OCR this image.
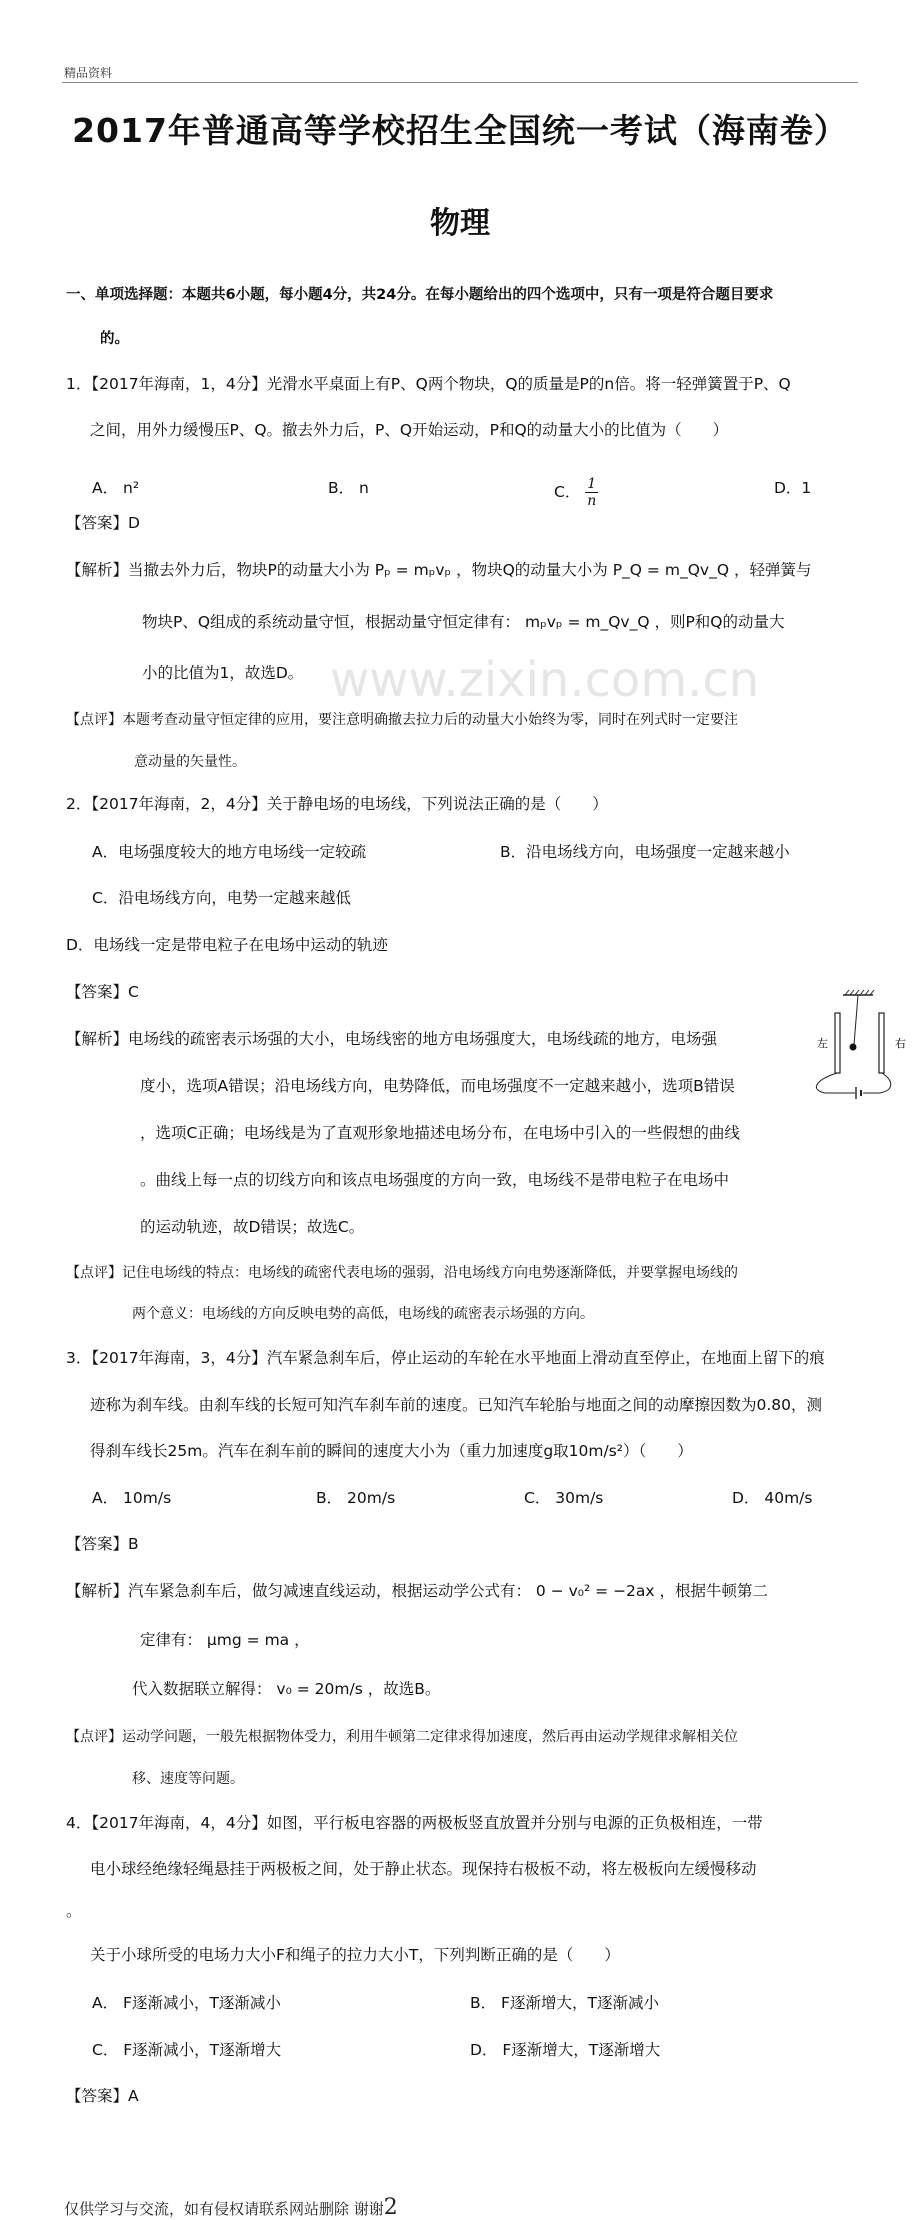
www.zixin.com.cn
精品资料
2017年普通高等学校招生全国统一考试（海南卷）
物理
一、单项选择题：本题共6小题，每小题4分，共24分。在每小题给出的四个选项中，只有一项是符合题目要求
的。
1．【2017年海南，1，4分】光滑水平桌面上有P、Q两个物块，Q的质量是P的n倍。将一轻弹簧置于P、Q
之间，用外力缓慢压P、Q。撤去外力后，P、Q开始运动，P和Q的动量大小的比值为（　　）
A． n²	B． n	C． $\frac{1}{n}$	D．1
【答案】D
【解析】当撤去外力后，物块P的动量大小为 Pₚ = mₚvₚ ，物块Q的动量大小为 P_Q = m_Qv_Q ，轻弹簧与
物块P、Q组成的系统动量守恒，根据动量守恒定律有： mₚvₚ = m_Qv_Q ，则P和Q的动量大
小的比值为1，故选D。
【点评】本题考查动量守恒定律的应用，要注意明确撤去拉力后的动量大小始终为零，同时在列式时一定要注
意动量的矢量性。
2．【2017年海南，2，4分】关于静电场的电场线，下列说法正确的是（　　）
A．电场强度较大的地方电场线一定较疏	B．沿电场线方向，电场强度一定越来越小
C．沿电场线方向，电势一定越来越低
D．电场线一定是带电粒子在电场中运动的轨迹
【答案】C
【解析】电场线的疏密表示场强的大小，电场线密的地方电场强度大，电场线疏的地方，电场强
度小，选项A错误；沿电场线方向，电势降低，而电场强度不一定越来越小，选项B错误
，选项C正确；电场线是为了直观形象地描述电场分布，在电场中引入的一些假想的曲线
。曲线上每一点的切线方向和该点电场强度的方向一致，电场线不是带电粒子在电场中
的运动轨迹，故D错误；故选C。
【点评】记住电场线的特点：电场线的疏密代表电场的强弱，沿电场线方向电势逐渐降低，并要掌握电场线的
两个意义：电场线的方向反映电势的高低，电场线的疏密表示场强的方向。
3．【2017年海南，3，4分】汽车紧急刹车后，停止运动的车轮在水平地面上滑动直至停止，在地面上留下的痕
迹称为刹车线。由刹车线的长短可知汽车刹车前的速度。已知汽车轮胎与地面之间的动摩擦因数为0.80，测
得刹车线长25m。汽车在刹车前的瞬间的速度大小为（重力加速度g取10m/s²）（　　）
A． 10m/s	B． 20m/s	C． 30m/s	D． 40m/s
【答案】B
【解析】汽车紧急刹车后，做匀减速直线运动，根据运动学公式有： 0 − v₀² = −2ax ，根据牛顿第二
定律有： μmg = ma ，
代入数据联立解得： v₀ = 20m/s ，故选B。
【点评】运动学问题，一般先根据物体受力，利用牛顿第二定律求得加速度，然后再由运动学规律求解相关位
移、速度等问题。
4．【2017年海南，4，4分】如图，平行板电容器的两极板竖直放置并分别与电源的正负极相连，一带
电小球经绝缘轻绳悬挂于两极板之间，处于静止状态。现保持右极板不动，将左极板向左缓慢移动
。
关于小球所受的电场力大小F和绳子的拉力大小T，下列判断正确的是（　　）
A． F逐渐减小，T逐渐减小	B． F逐渐增大，T逐渐减小
C． F逐渐减小，T逐渐增大	D． F逐渐增大，T逐渐增大
【答案】A
左	右
仅供学习与交流，如有侵权请联系网站删除 谢谢2
